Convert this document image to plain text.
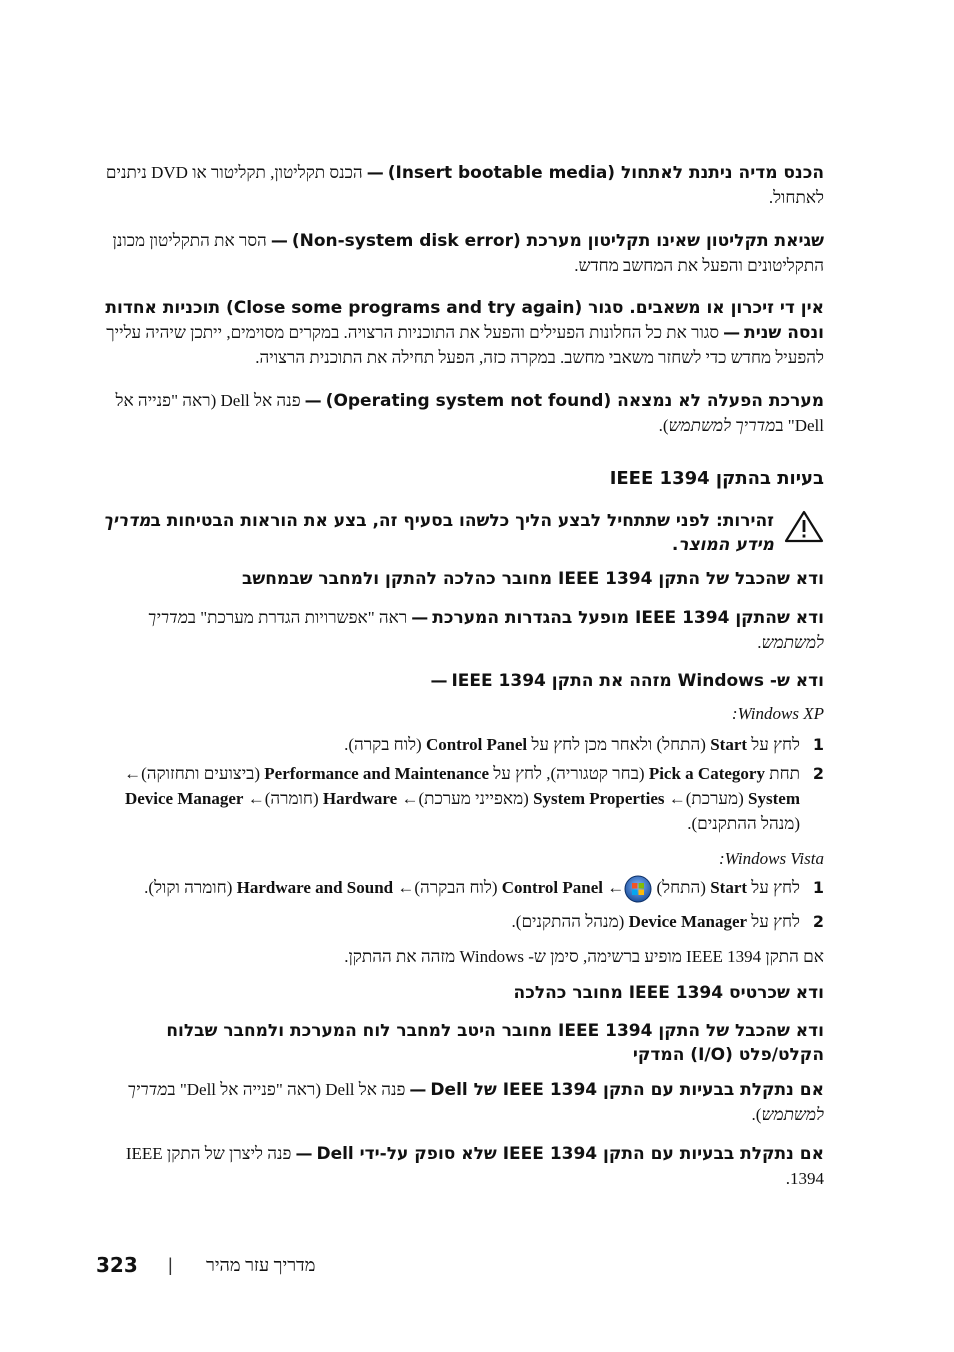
הכנס מדיה ניתנת לאתחול (Insert bootable media) — הכנס תקליטון, תקליטור או DVD ניתנים לאתחול.

שגיאת תקליטון שאינו תקליטון מערכת (Non-system disk error) — הסר את התקליטון מכונן התקליטונים והפעל את המחשב מחדש.

אין די זיכרון או משאבים. סגור (Close some programs and try again) תוכניות אחדות ונסה שנית — סגור את כל החלונות הפעילים והפעל את התוכניות הרצויה. במקרים מסוימים, ייתכן שיהיה עלייך להפעיל מחדש כדי לשחזר משאבי מחשב. במקרה כזה, הפעל תחילה את התוכנית הרצויה.

מערכת הפעלה לא נמצאה (Operating system not found) — פנה אל Dell (ראה "פנייה אל Dell" במדריך למשתמש).

בעיות בהתקן IEEE 1394
זהירות: לפני שתתחיל לבצע הליך כלשהו בסעיף זה, בצע את הוראות הבטיחות במדריך מידע המוצר.
ודא שהכבל של התקן IEEE 1394 מחובר כהלכה להתקן ולמחבר שבמחשב

ודא שהתקן IEEE 1394 מופעל בהגדרות המערכת — ראה "אפשרויות הגדרת מערכת" במדריך למשתמש.

ודא ש- Windows מזהה את התקן IEEE 1394 —
Windows XP:
1
לחץ על Start (התחל) ולאחר מכן לחץ על Control Panel (לוח בקרה).
2
תחת Pick a Category (בחר קטגוריה), לחץ על Performance and Maintenance (ביצועים ותחזוקה)← System (מערכת)← System Properties (מאפייני מערכת)← Hardware (חומרה)← Device Manager (מנהל ההתקנים).
Windows Vista:
1
לחץ על Start (התחל) ← Control Panel (לוח הבקרה)← Hardware and Sound (חומרה וקול).
2
לחץ על Device Manager (מנהל ההתקנים).
אם התקן IEEE 1394 מופיע ברשימה, סימן ש- Windows מזהה את ההתקן.
ודא שכרטיס IEEE 1394 מחובר כהלכה
ודא שהכבל של התקן IEEE 1394 מחובר היטב למחבר לוח המערכת ולמחבר שבלוח הקלט/פלט (I/O) המדקי

אם נתקלת בבעיות עם התקן IEEE 1394 של Dell — פנה אל Dell (ראה "פנייה אל Dell" במדריך למשתמש).

אם נתקלת בבעיות עם התקן IEEE 1394 שלא סופק על-ידי Dell — פנה ליצרן של התקן IEEE 1394.

323 | מדריך עזר מהיר
